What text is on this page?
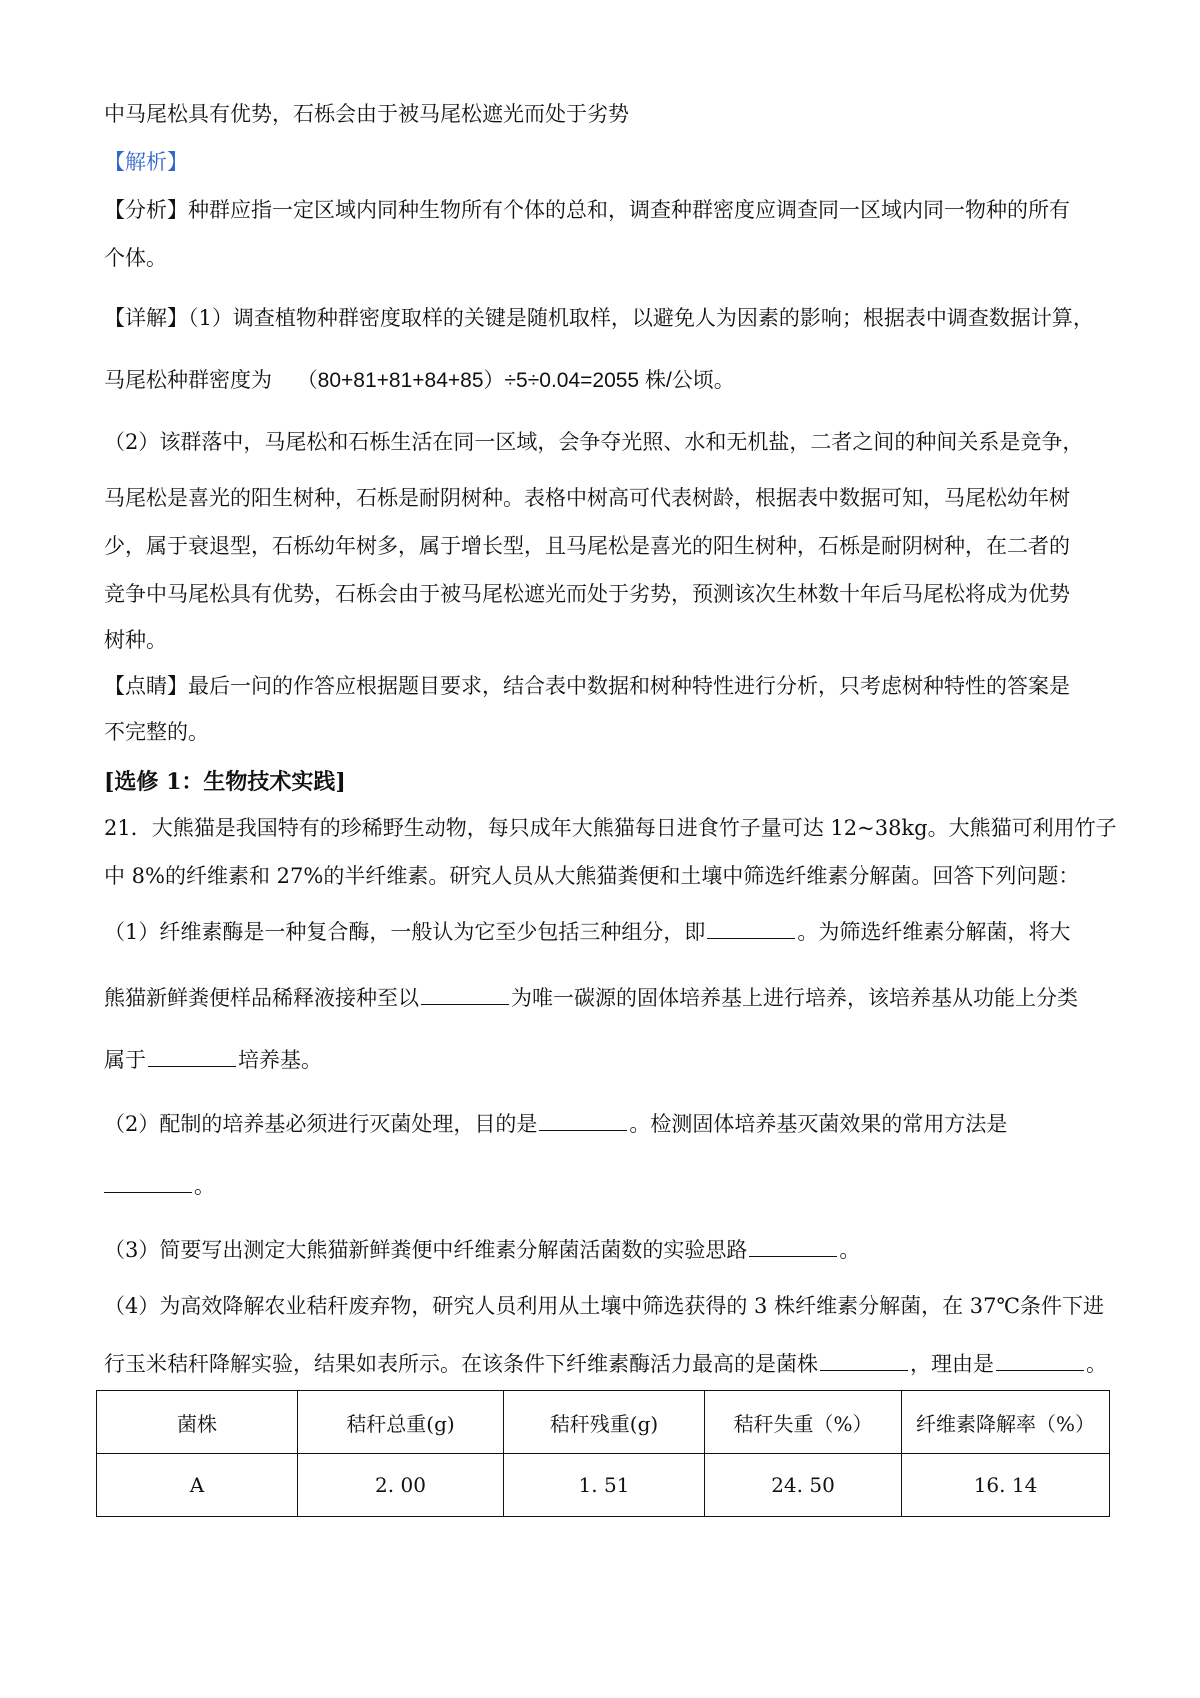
中马尾松具有优势，石栎会由于被马尾松遮光而处于劣势
【解析】
【分析】种群应指一定区域内同种生物所有个体的总和，调查种群密度应调查同一区域内同一物种的所有
个体。
【详解】（1）调查植物种群密度取样的关键是随机取样，以避免人为因素的影响；根据表中调查数据计算，
马尾松种群密度为 （80+81+81+84+85）÷5÷0.04=2055 株/公顷。
（2）该群落中，马尾松和石栎生活在同一区域，会争夺光照、水和无机盐，二者之间的种间关系是竞争，
马尾松是喜光的阳生树种，石栎是耐阴树种。表格中树高可代表树龄，根据表中数据可知，马尾松幼年树
少，属于衰退型，石栎幼年树多，属于增长型，且马尾松是喜光的阳生树种，石栎是耐阴树种，在二者的
竞争中马尾松具有优势，石栎会由于被马尾松遮光而处于劣势，预测该次生林数十年后马尾松将成为优势
树种。
【点睛】最后一问的作答应根据题目要求，结合表中数据和树种特性进行分析，只考虑树种特性的答案是
不完整的。
[选修 1：生物技术实践]
21．大熊猫是我国特有的珍稀野生动物，每只成年大熊猫每日进食竹子量可达 12~38kg。大熊猫可利用竹子
中 8%的纤维素和 27%的半纤维素。研究人员从大熊猫粪便和土壤中筛选纤维素分解菌。回答下列问题：
（1）纤维素酶是一种复合酶，一般认为它至少包括三种组分，即	。为筛选纤维素分解菌，将大
熊猫新鲜粪便样品稀释液接种至以	为唯一碳源的固体培养基上进行培养，该培养基从功能上分类
属于	培养基。
（2）配制的培养基必须进行灭菌处理，目的是	。检测固体培养基灭菌效果的常用方法是
。
（3）简要写出测定大熊猫新鲜粪便中纤维素分解菌活菌数的实验思路	。
（4）为高效降解农业秸秆废弃物，研究人员利用从土壤中筛选获得的 3 株纤维素分解菌，在 37℃条件下进
行玉米秸秆降解实验，结果如表所示。在该条件下纤维素酶活力最高的是菌株	，理由是	。
菌株	秸秆总重(g)	秸秆残重(g)	秸秆失重（%）	纤维素降解率（%）
A	2. 00	1. 51	24. 50	16. 14
